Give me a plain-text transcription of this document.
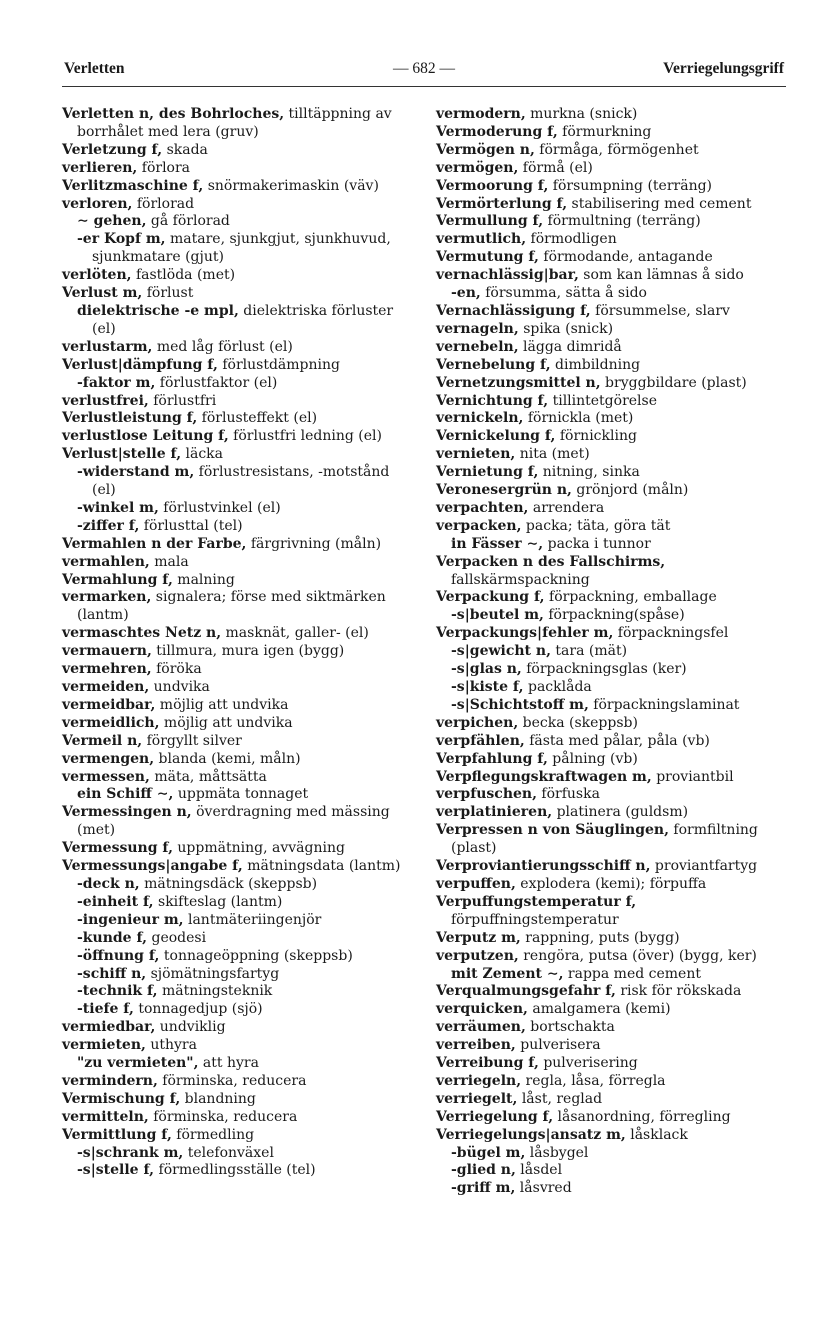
Verletten	— 682 —	Verriegelungsgriff
Verletten n, des Bohrloches, tilltäppning av borrhålet med lera (gruv)
Verletzung f, skada
verlieren, förlora
Verlitzmaschine f, snörmakerimaskin (väv)
verloren, förlorad
∼ gehen, gå förlorad
-er Kopf m, matare, sjunkgjut, sjunkhuvud, sjunkmatare (gjut)
verlöten, fastlöda (met)
Verlust m, förlust
dielektrische -e mpl, dielektriska förluster (el)
verlustarm, med låg förlust (el)
Verlust|dämpfung f, förlustdämpning
-faktor m, förlustfaktor (el)
verlustfrei, förlustfri
Verlustleistung f, förlusteffekt (el)
verlustlose Leitung f, förlustfri ledning (el)
Verlust|stelle f, läcka
-widerstand m, förlustresistans, -motstånd (el)
-winkel m, förlustvinkel (el)
-ziffer f, förlusttal (tel)
Vermahlen n der Farbe, färgrivning (måln)
vermahlen, mala
Vermahlung f, malning
vermarken, signalera; förse med siktmärken (lantm)
vermaschtes Netz n, masknät, galler- (el)
vermauern, tillmura, mura igen (bygg)
vermehren, föröka
vermeiden, undvika
vermeidbar, möjlig att undvika
vermeidlich, möjlig att undvika
Vermeil n, förgyllt silver
vermengen, blanda (kemi, måln)
vermessen, mäta, måttsätta
ein Schiff ∼, uppmäta tonnaget
Vermessingen n, överdragning med mässing (met)
Vermessung f, uppmätning, avvägning
Vermessungs|angabe f, mätningsdata (lantm)
-deck n, mätningsdäck (skeppsb)
-einheit f, skifteslag (lantm)
-ingenieur m, lantmäteriingenjör
-kunde f, geodesi
-öffnung f, tonnageöppning (skeppsb)
-schiff n, sjömätningsfartyg
-technik f, mätningsteknik
-tiefe f, tonnagedjup (sjö)
vermiedbar, undviklig
vermieten, uthyra
"zu vermieten", att hyra
vermindern, förminska, reducera
Vermischung f, blandning
vermitteln, förminska, reducera
Vermittlung f, förmedling
-s|schrank m, telefonväxel
-s|stelle f, förmedlingsställe (tel)
vermodern, murkna (snick)
Vermoderung f, förmurkning
Vermögen n, förmåga, förmögenhet
vermögen, förmå (el)
Vermoorung f, försumpning (terräng)
Vermörterlung f, stabilisering med cement
Vermullung f, förmultning (terräng)
vermutlich, förmodligen
Vermutung f, förmodande, antagande
vernachlässig|bar, som kan lämnas å sido
-en, försumma, sätta å sido
Vernachlässigung f, försummelse, slarv
vernageln, spika (snick)
vernebeln, lägga dimridå
Vernebelung f, dimbildning
Vernetzungsmittel n, bryggbildare (plast)
Vernichtung f, tillintetgörelse
vernickeln, förnickla (met)
Vernickelung f, förnickling
vernieten, nita (met)
Vernietung f, nitning, sinka
Veronesergrün n, grönjord (måln)
verpachten, arrendera
verpacken, packa; täta, göra tät
in Fässer ∼, packa i tunnor
Verpacken n des Fallschirms, fallskärmspackning
Verpackung f, förpackning, emballage
-s|beutel m, förpackning(spåse)
Verpackungs|fehler m, förpackningsfel
-s|gewicht n, tara (mät)
-s|glas n, förpackningsglas (ker)
-s|kiste f, packlåda
-s|Schichtstoff m, förpackningslaminat
verpichen, becka (skeppsb)
verpfählen, fästa med pålar, påla (vb)
Verpfahlung f, pålning (vb)
Verpflegungskraftwagen m, proviantbil
verpfuschen, förfuska
verplatinieren, platinera (guldsm)
Verpressen n von Säuglingen, formfiltning (plast)
Verproviantierungsschiff n, proviantfartyg
verpuffen, explodera (kemi); förpuffa
Verpuffungstemperatur f, förpuffningstemperatur
Verputz m, rappning, puts (bygg)
verputzen, rengöra, putsa (över) (bygg, ker)
mit Zement ∼, rappa med cement
Verqualmungsgefahr f, risk för rökskada
verquicken, amalgamera (kemi)
verräumen, bortschakta
verreiben, pulverisera
Verreibung f, pulverisering
verriegeln, regla, låsa, förregla
verriegelt, låst, reglad
Verriegelung f, låsanordning, förregling
Verriegelungs|ansatz m, låsklack
-bügel m, låsbygel
-glied n, låsdel
-griff m, låsvred
